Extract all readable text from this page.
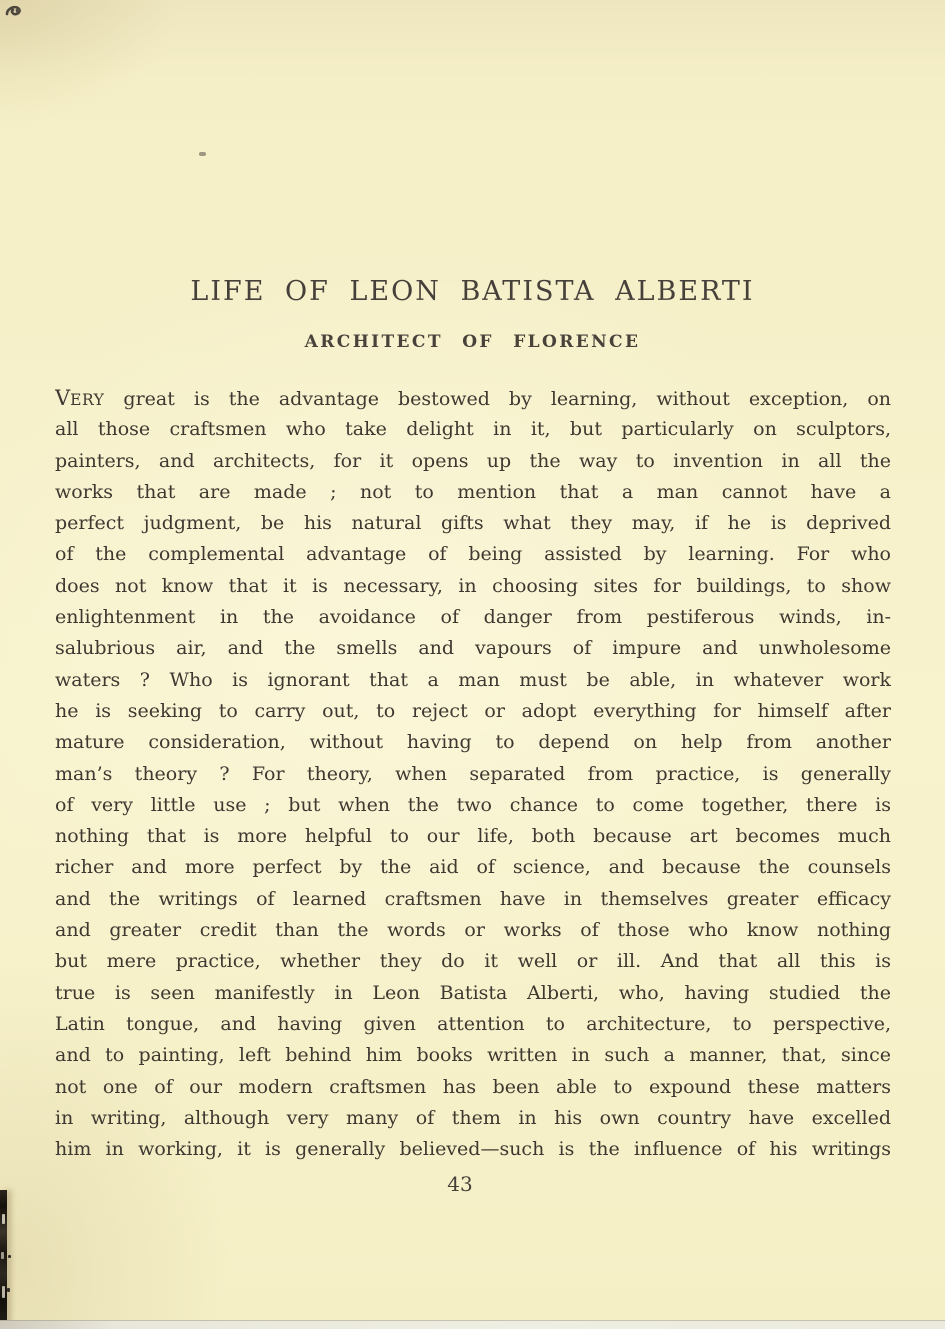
LIFE OF LEON BATISTA ALBERTI
ARCHITECT OF FLORENCE
VERY great is the advantage bestowed by learning, without exception, on
all those craftsmen who take delight in it, but particularly on sculptors,
painters, and architects, for it opens up the way to invention in all the
works that are made ; not to mention that a man cannot have a
perfect judgment, be his natural gifts what they may, if he is deprived
of the complemental advantage of being assisted by learning. For who
does not know that it is necessary, in choosing sites for buildings, to show
enlightenment in the avoidance of danger from pestiferous winds, in-
salubrious air, and the smells and vapours of impure and unwholesome
waters ? Who is ignorant that a man must be able, in whatever work
he is seeking to carry out, to reject or adopt everything for himself after
mature consideration, without having to depend on help from another
man’s theory ? For theory, when separated from practice, is generally
of very little use ; but when the two chance to come together, there is
nothing that is more helpful to our life, both because art becomes much
richer and more perfect by the aid of science, and because the counsels
and the writings of learned craftsmen have in themselves greater efficacy
and greater credit than the words or works of those who know nothing
but mere practice, whether they do it well or ill. And that all this is
true is seen manifestly in Leon Batista Alberti, who, having studied the
Latin tongue, and having given attention to architecture, to perspective,
and to painting, left behind him books written in such a manner, that, since
not one of our modern craftsmen has been able to expound these matters
in writing, although very many of them in his own country have excelled
him in working, it is generally believed—such is the influence of his writings
43
